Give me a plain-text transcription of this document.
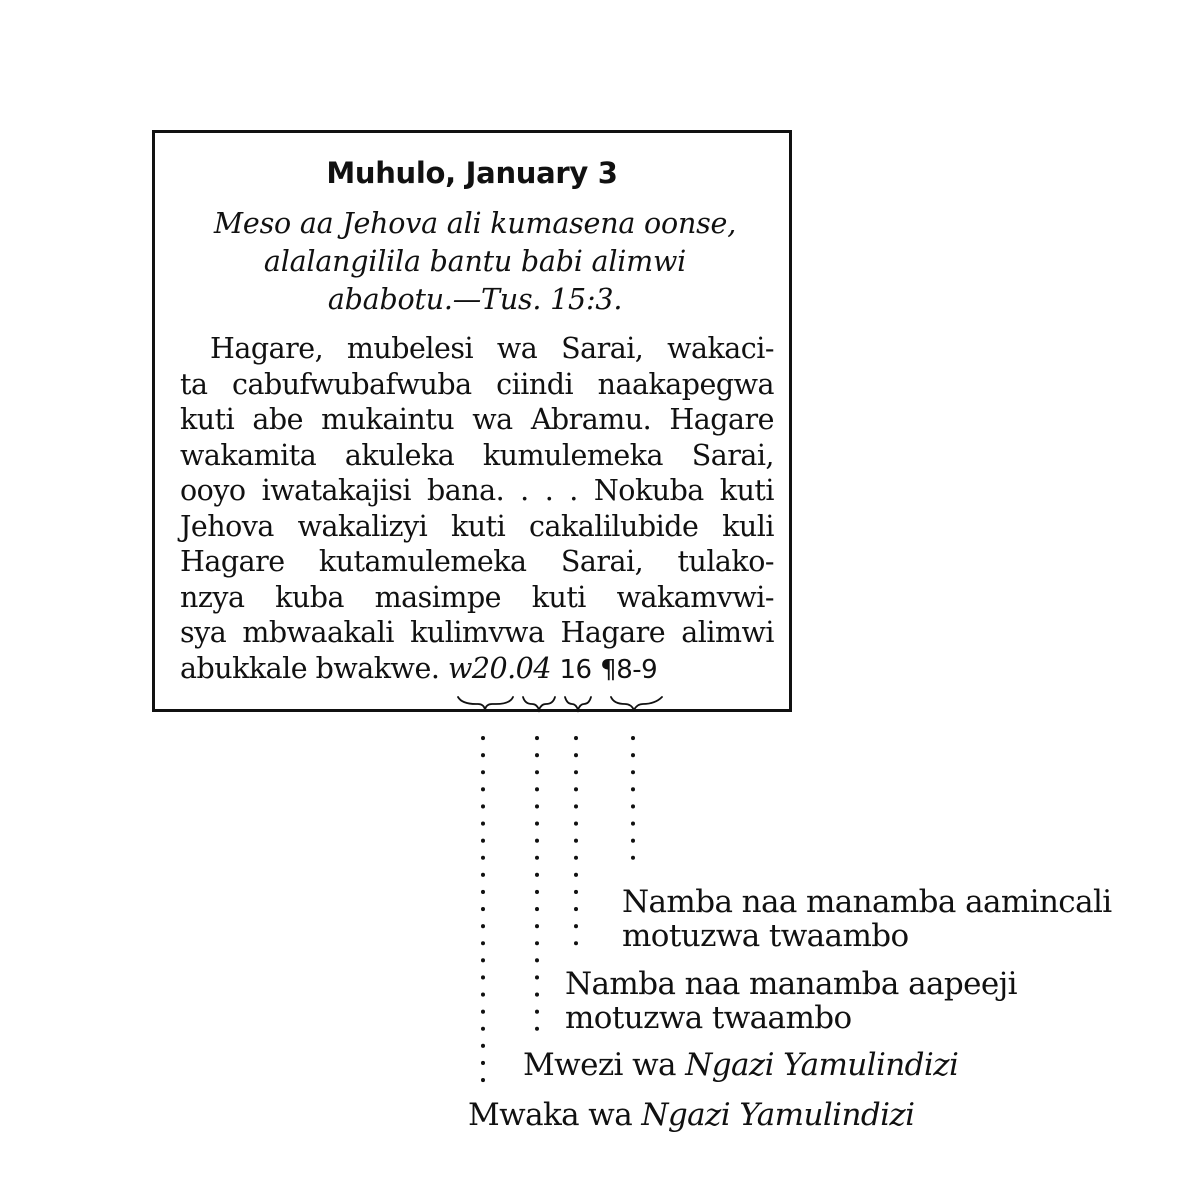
Muhulo, January 3
Meso aa Jehova ali kumasena oonse,
alalangilila bantu babi alimwi
ababotu.—Tus. 15:3.
Hagare, mubelesi wa Sarai, wakaci-
ta cabufwubafwuba ciindi naakapegwa
kuti abe mukaintu wa Abramu. Hagare
wakamita akuleka kumulemeka Sarai,
ooyo iwatakajisi bana. . . . Nokuba kuti
Jehova wakalizyi kuti cakalilubide kuli
Hagare kutamulemeka Sarai, tulako-
nzya kuba masimpe kuti wakamvwi-
sya mbwaakali kulimvwa Hagare alimwi
abukkale bwakwe. w20.04 16 ¶8-9
Namba naa manamba aamincali
motuzwa twaambo
Namba naa manamba aapeeji
motuzwa twaambo
Mwezi wa Ngazi Yamulindizi
Mwaka wa Ngazi Yamulindizi
